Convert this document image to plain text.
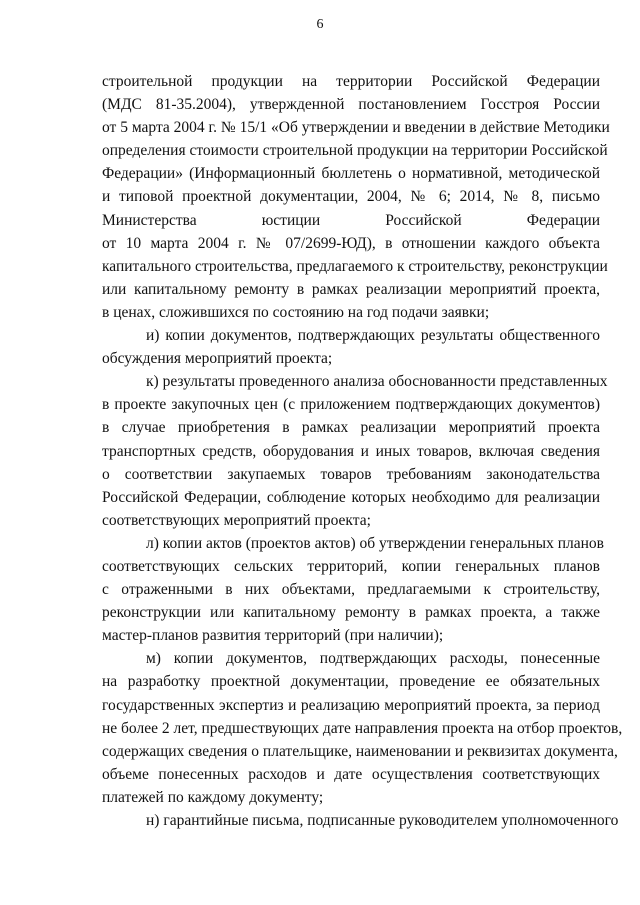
6
строительной продукции на территории Российской Федерации
(МДС 81-35.2004), утвержденной постановлением Госстроя России
от 5 марта 2004 г. № 15/1 «Об утверждении и введении в действие Методики
определения стоимости строительной продукции на территории Российской
Федерации» (Информационный бюллетень о нормативной, методической
и типовой проектной документации, 2004, № 6; 2014, № 8, письмо
Министерства юстиции Российской Федерации
от 10 марта 2004 г. № 07/2699-ЮД), в отношении каждого объекта
капитального строительства, предлагаемого к строительству, реконструкции
или капитальному ремонту в рамках реализации мероприятий проекта,
в ценах, сложившихся по состоянию на год подачи заявки;
и) копии документов, подтверждающих результаты общественного
обсуждения мероприятий проекта;
к) результаты проведенного анализа обоснованности представленных
в проекте закупочных цен (с приложением подтверждающих документов)
в случае приобретения в рамках реализации мероприятий проекта
транспортных средств, оборудования и иных товаров, включая сведения
о соответствии закупаемых товаров требованиям законодательства
Российской Федерации, соблюдение которых необходимо для реализации
соответствующих мероприятий проекта;
л) копии актов (проектов актов) об утверждении генеральных планов
соответствующих сельских территорий, копии генеральных планов
с отраженными в них объектами, предлагаемыми к строительству,
реконструкции или капитальному ремонту в рамках проекта, а также
мастер-планов развития территорий (при наличии);
м) копии документов, подтверждающих расходы, понесенные
на разработку проектной документации, проведение ее обязательных
государственных экспертиз и реализацию мероприятий проекта, за период
не более 2 лет, предшествующих дате направления проекта на отбор проектов,
содержащих сведения о плательщике, наименовании и реквизитах документа,
объеме понесенных расходов и дате осуществления соответствующих
платежей по каждому документу;
н) гарантийные письма, подписанные руководителем уполномоченного
